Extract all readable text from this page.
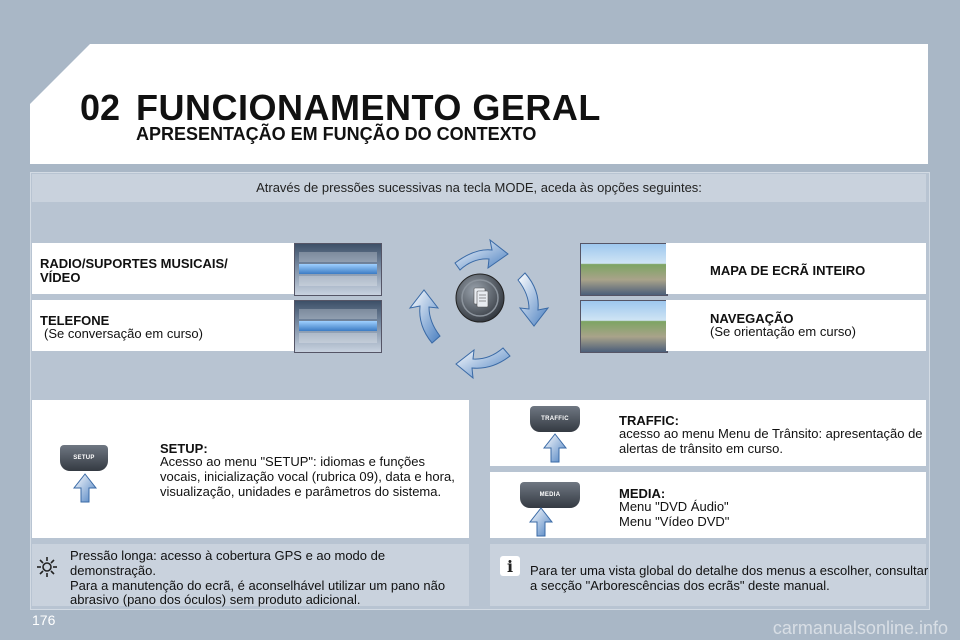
02 FUNCIONAMENTO GERAL
APRESENTAÇÃO EM FUNÇÃO DO CONTEXTO
Através de pressões sucessivas na tecla MODE, aceda às opções seguintes:
RADIO/SUPORTES MUSICAIS/
VÍDEO
TELEFONE
(Se conversação em curso)
MAPA DE ECRÃ INTEIRO
NAVEGAÇÃO
(Se orientação em curso)
SETUP
SETUP:
Acesso ao menu "SETUP": idiomas e funções
vocais, inicialização vocal (rubrica 09), data e hora,
visualização, unidades e parâmetros do sistema.
TRAFFIC	TRAFFIC:
acesso ao menu Menu de Trânsito: apresentação de
alertas de trânsito em curso.
MEDIA	MEDIA:
Menu "DVD Áudio"
Menu "Vídeo DVD"
Pressão longa: acesso à cobertura GPS e ao modo de
demonstração.
Para a manutenção do ecrã, é aconselhável utilizar um pano não
abrasivo (pano dos óculos) sem produto adicional.
i	Para ter uma vista global do detalhe dos menus a escolher, consultar
a secção "Arborescências dos ecrãs" deste manual.
176	carmanualsonline.info
